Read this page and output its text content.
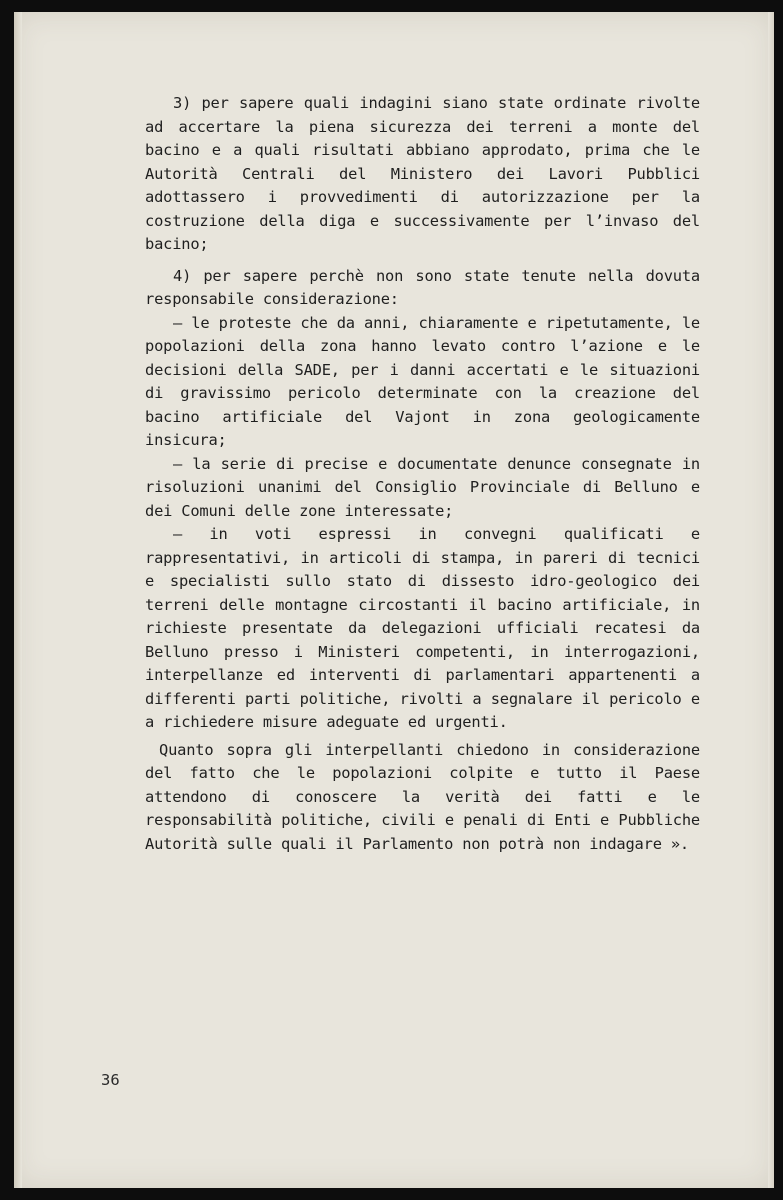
3) per sapere quali indagini siano state ordinate rivolte ad accertare la piena sicurezza dei terreni a monte del bacino e a quali risultati abbiano approdato, prima che le Autorità Centrali del Ministero dei Lavori Pubblici adottassero i provvedimenti di autorizzazione per la costruzione della diga e successivamente per l’invaso del bacino;

4) per sapere perchè non sono state tenute nella dovuta responsabile considerazione:

— le proteste che da anni, chiaramente e ripetutamente, le popolazioni della zona hanno levato contro l’azione e le decisioni della SADE, per i danni accertati e le situazioni di gravissimo pericolo determinate con la creazione del bacino artificiale del Vajont in zona geologicamente insicura;

— la serie di precise e documentate denunce consegnate in risoluzioni unanimi del Consiglio Provinciale di Belluno e dei Comuni delle zone interessate;

— in voti espressi in convegni qualificati e rappresentativi, in articoli di stampa, in pareri di tecnici e specialisti sullo stato di dissesto idro-geologico dei terreni delle montagne circostanti il bacino artificiale, in richieste presentate da delegazioni ufficiali recatesi da Belluno presso i Ministeri competenti, in interrogazioni, interpellanze ed interventi di parlamentari appartenenti a differenti parti politiche, rivolti a segnalare il pericolo e a richiedere misure adeguate ed urgenti.

Quanto sopra gli interpellanti chiedono in considerazione del fatto che le popolazioni colpite e tutto il Paese attendono di conoscere la verità dei fatti e le responsabilità politiche, civili e penali di Enti e Pubbliche Autorità sulle quali il Parlamento non potrà non indagare ».

36
